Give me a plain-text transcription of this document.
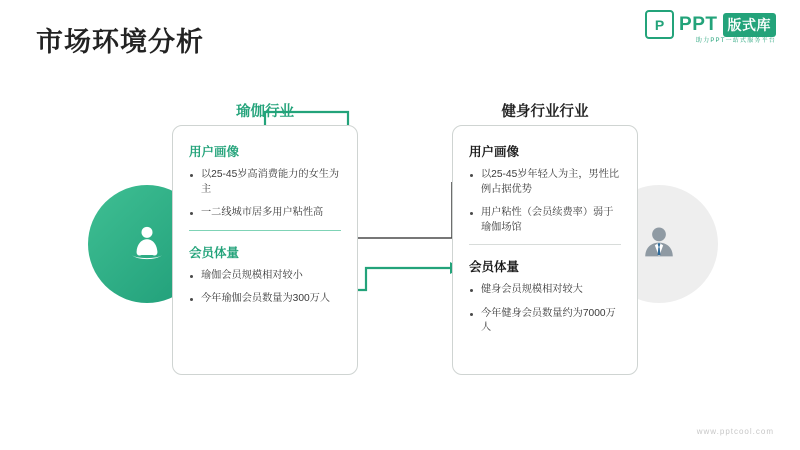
市场环境分析
P PPT 版式库
助力PPT一站式服务平台
瑜伽行业	健身行业行业
用户画像
以25-45岁高消费能力的女生为主
一二线城市居多用户粘性高
会员体量
瑜伽会员规模相对较小
今年瑜伽会员数量为300万人
用户画像
以25-45岁年轻人为主，男性比例占据优势
用户粘性（会员续费率）弱于瑜伽场馆
会员体量
健身会员规模相对较大
今年健身会员数量约为7000万人
www.pptcool.com
